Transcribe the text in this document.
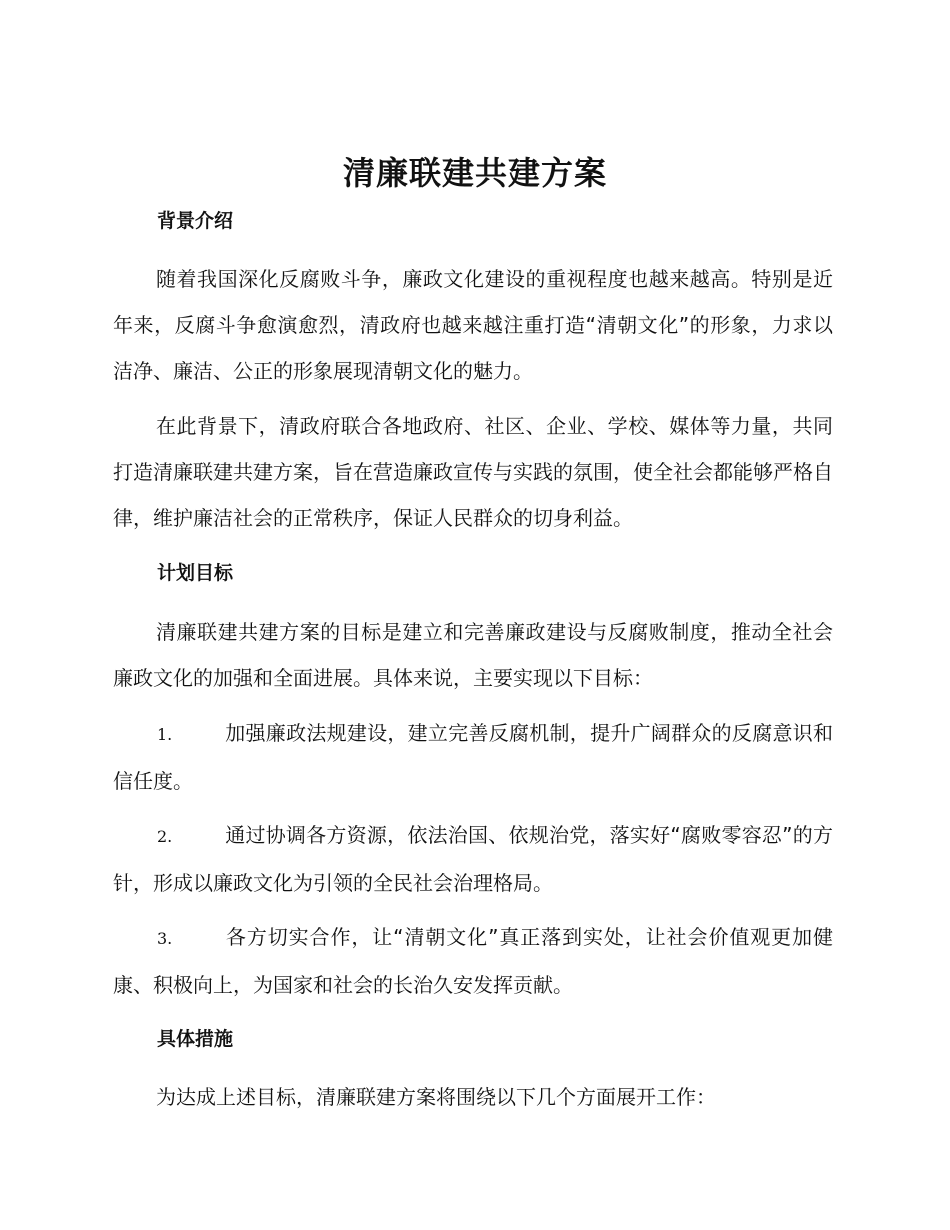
清廉联建共建方案
背景介绍

随着我国深化反腐败斗争，廉政文化建设的重视程度也越来越高。特别是近年来，反腐斗争愈演愈烈，清政府也越来越注重打造“清朝文化”的形象，力求以洁净、廉洁、公正的形象展现清朝文化的魅力。

在此背景下，清政府联合各地政府、社区、企业、学校、媒体等力量，共同打造清廉联建共建方案，旨在营造廉政宣传与实践的氛围，使全社会都能够严格自律，维护廉洁社会的正常秩序，保证人民群众的切身利益。

计划目标

清廉联建共建方案的目标是建立和完善廉政建设与反腐败制度，推动全社会廉政文化的加强和全面进展。具体来说，主要实现以下目标：

1.	加强廉政法规建设，建立完善反腐机制，提升广阔群众的反腐意识和信任度。

2.	通过协调各方资源，依法治国、依规治党，落实好“腐败零容忍”的方针，形成以廉政文化为引领的全民社会治理格局。

3.	各方切实合作，让“清朝文化”真正落到实处，让社会价值观更加健康、积极向上，为国家和社会的长治久安发挥贡献。

具体措施

为达成上述目标，清廉联建方案将围绕以下几个方面展开工作：
